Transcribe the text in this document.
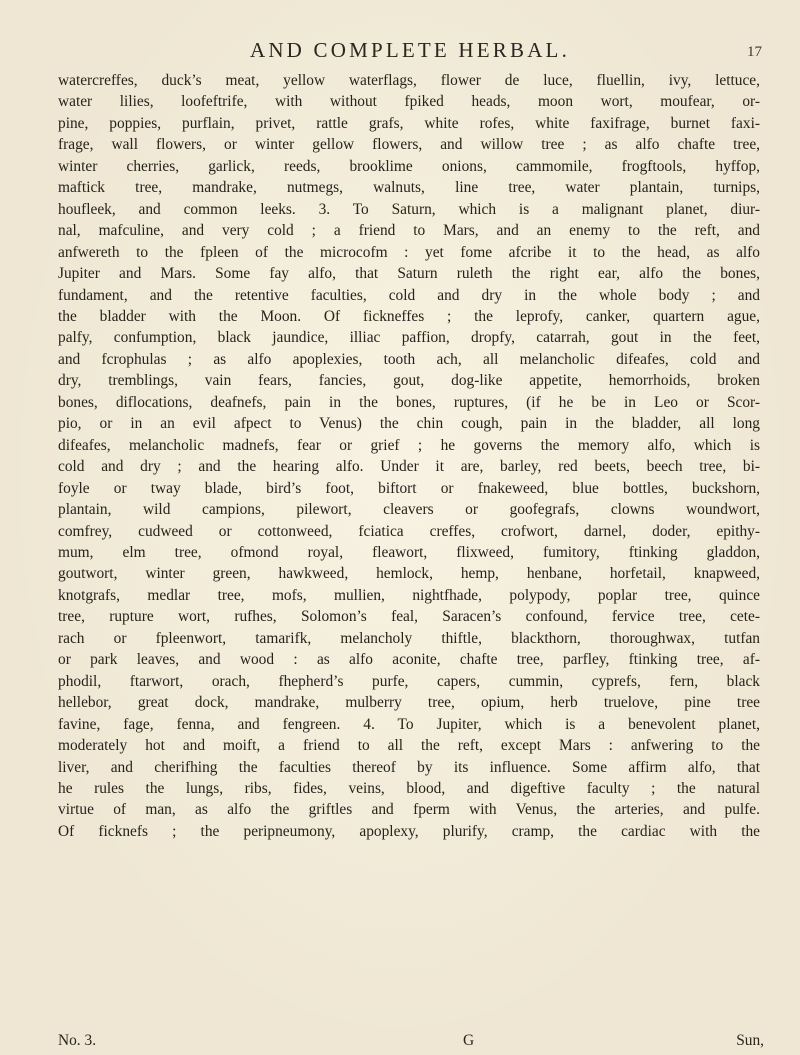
AND COMPLETE HERBAL.	17
watercreffes, duck’s meat, yellow waterflags, flower de luce, fluellin, ivy, lettuce,
water lilies, loofeftrife, with without fpiked heads, moon wort, moufear, or-
pine, poppies, purflain, privet, rattle grafs, white rofes, white faxifrage, burnet faxi-
frage, wall flowers, or winter gellow flowers, and willow tree ; as alfo chafte tree,
winter cherries, garlick, reeds, brooklime onions, cammomile, frogftools, hyffop,
maftick tree, mandrake, nutmegs, walnuts, line tree, water plantain, turnips,
houfleek, and common leeks. 3. To Saturn, which is a malignant planet, diur-
nal, mafculine, and very cold ; a friend to Mars, and an enemy to the reft, and
anfwereth to the fpleen of the microcofm : yet fome afcribe it to the head, as alfo
Jupiter and Mars. Some fay alfo, that Saturn ruleth the right ear, alfo the bones,
fundament, and the retentive faculties, cold and dry in the whole body ; and
the bladder with the Moon. Of fickneffes ; the leprofy, canker, quartern ague,
palfy, confumption, black jaundice, illiac paffion, dropfy, catarrah, gout in the feet,
and fcrophulas ; as alfo apoplexies, tooth ach, all melancholic difeafes, cold and
dry, tremblings, vain fears, fancies, gout, dog-like appetite, hemorrhoids, broken
bones, diflocations, deafnefs, pain in the bones, ruptures, (if he be in Leo or Scor-
pio, or in an evil afpect to Venus) the chin cough, pain in the bladder, all long
difeafes, melancholic madnefs, fear or grief ; he governs the memory alfo, which is
cold and dry ; and the hearing alfo. Under it are, barley, red beets, beech tree, bi-
foyle or tway blade, bird’s foot, biftort or fnakeweed, blue bottles, buckshorn,
plantain, wild campions, pilewort, cleavers or goofegrafs, clowns woundwort,
comfrey, cudweed or cottonweed, fciatica creffes, crofwort, darnel, doder, epithy-
mum, elm tree, ofmond royal, fleawort, flixweed, fumitory, ftinking gladdon,
goutwort, winter green, hawkweed, hemlock, hemp, henbane, horfetail, knapweed,
knotgrafs, medlar tree, mofs, mullien, nightfhade, polypody, poplar tree, quince
tree, rupture wort, rufhes, Solomon’s feal, Saracen’s confound, fervice tree, cete-
rach or fpleenwort, tamarifk, melancholy thiftle, blackthorn, thoroughwax, tutfan
or park leaves, and wood : as alfo aconite, chafte tree, parfley, ftinking tree, af-
phodil, ftarwort, orach, fhepherd’s purfe, capers, cummin, cyprefs, fern, black
hellebor, great dock, mandrake, mulberry tree, opium, herb truelove, pine tree
favine, fage, fenna, and fengreen. 4. To Jupiter, which is a benevolent planet,
moderately hot and moift, a friend to all the reft, except Mars : anfwering to the
liver, and cherifhing the faculties thereof by its influence. Some affirm alfo, that
he rules the lungs, ribs, fides, veins, blood, and digeftive faculty ; the natural
virtue of man, as alfo the griftles and fperm with Venus, the arteries, and pulfe.
Of ficknefs ; the peripneumony, apoplexy, plurify, cramp, the cardiac with the
No. 3.	G	Sun,
